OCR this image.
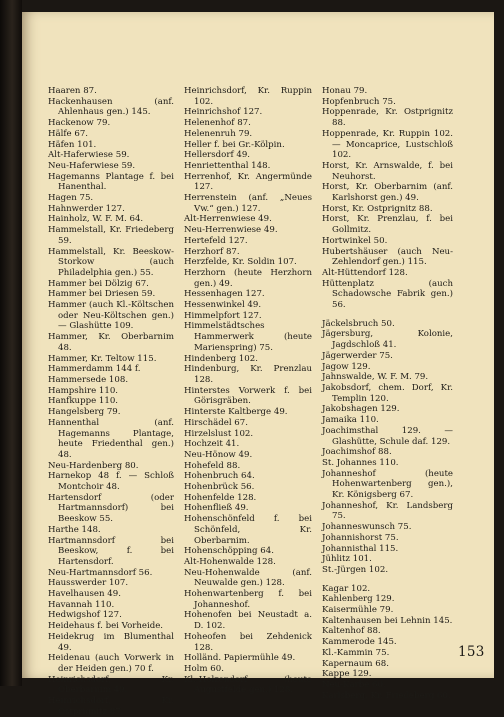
Haaren 87.
Hackenhausen (anf. Ahlenhaus gen.) 145.
Hackenow 79.
Hälfe 67.
Häfen 101.
Alt-Haferwiese 59.
Neu-Haferwiese 59.
Hagemanns Plantage f. bei Hanenthal.
Hagen 75.
Hahnwerder 127.
Hainholz, W. F. M. 64.
Hammelstall, Kr. Friedeberg 59.
Hammelstall, Kr. Beeskow-Storkow (auch Philadelphia gen.) 55.
Hammer bei Dölzig 67.
Hammer bei Driesen 59.
Hammer (auch Kl.-Költschen oder Neu-Költschen gen.) — Glashütte 109.
Hammer, Kr. Oberbarnim 48.
Hammer, Kr. Teltow 115.
Hammerdamm 144 f.
Hammersede 108.
Hampshire 110.
Hanfkuppe 110.
Hangelsberg 79.
Hannenthal (anf. Hagemanns Plantage, heute Friedenthal gen.) 48.
Neu-Hardenberg 80.
Harnekop 48 f. — Schloß Montchoir 48.
Hartensdorf (oder Hartmannsdorf) bei Beeskow 55.
Harthe 148.
Hartmannsdorf bei Beeskow, f. bei Hartensdorf.
Neu-Hartmannsdorf 56.
Hausswerder 107.
Havelhausen 49.
Havannah 110.
Hedwigshof 127.
Heidehaus f. bei Vorheide.
Heidekrug im Blumenthal 49.
Heidenau (auch Vorwerk in der Heiden gen.) 70 f.
Heinrichsdorf, Kr. Oberbarnim 49.
Heinrichsdorf, Kr. Ostprignitz 87.
Heinrichsdorf, Kr. Ruppin 102.
Heinrichshof 127.
Helenenhof 87.
Helenenruh 79.
Heller f. bei Gr.-Kölpin.
Hellersdorf 49.
Henriettenthal 148.
Herrenhof, Kr. Angermünde 127.
Herrenstein (anf. „Neues Vw.“ gen.) 127.
Alt-Herrenwiese 49.
Neu-Herrenwiese 49.
Hertefeld 127.
Herzhorf 87.
Herzfelde, Kr. Soldin 107.
Herzhorn (heute Herzhorn gen.) 49.
Hessenhagen 127.
Hessenwinkel 49.
Himmelpfort 127.
Himmelstädtsches Hammerwerk (heute Marienspring) 75.
Hindenberg 102.
Hindenburg, Kr. Prenzlau 128.
Hinterstes Vorwerk f. bei Görisgräben.
Hinterste Kaltberge 49.
Hirschädel 67.
Hirzelslust 102.
Hochzeit 41.
Neu-Hönow 49.
Hohefeld 88.
Hohenbruch 64.
Hohenbrück 56.
Hohenfelde 128.
Hohenfließ 49.
Hohenschönfeld f. bei Schönfeld, Kr. Oberbarnim.
Hohenschöpping 64.
Alt-Hohenwalde 128.
Neu-Hohenwalde (anf. Neuwalde gen.) 128.
Hohenwartenberg f. bei Johanneshof.
Hohenofen bei Neustadt a. D. 102.
Hoheofen bei Zehdenick 128.
Holländ. Papiermühle 49.
Holm 60.
Kl.-Holzendorf (heute Augustfelde gen.) 128.
Honau 79.
Hopfenbruch 75.
Hoppenrade, Kr. Ostprignitz 88.
Hoppenrade, Kr. Ruppin 102. — Moncaprice, Lustschloß 102.
Horst, Kr. Arnswalde, f. bei Neuhorst.
Horst, Kr. Oberbarnim (anf. Karlshorst gen.) 49.
Horst, Kr. Ostprignitz 88.
Horst, Kr. Prenzlau, f. bei Gollmitz.
Hortwinkel 50.
Hubertshäuser (auch Neu-Zehlendorf gen.) 115.
Alt-Hüttendorf 128.
Hüttenplatz (auch Schadowsche Fabrik gen.) 56.
Jäckelsbruch 50.
Jägersburg, Kolonie, Jagdschloß 41.
Jägerwerder 75.
Jagow 129.
Jahnswalde, W. F. M. 79.
Jakobsdorf, chem. Dorf, Kr. Templin 120.
Jakobshagen 129.
Jamaika 110.
Joachimsthal 129. — Glashütte, Schule daf. 129.
Joachimshof 88.
St. Johannes 110.
Johanneshof (heute Hohenwartenberg gen.), Kr. Königsberg 67.
Johanneshof, Kr. Landsberg 75.
Johanneswunsch 75.
Johannishorst 75.
Johannisthal 115.
Jühlitz 101.
St.-Jürgen 102.
Kagar 102.
Kahlenberg 129.
Kaisermühle 79.
Kaltenhausen bei Lehnin 145.
Kaltenhof 88.
Kammerode 145.
Kl.-Kammin 75.
Kapernaum 68.
Kappe 129.
Neu-Karbe 60.
Karlsberg, Kr. Friedeberg 60.
153
